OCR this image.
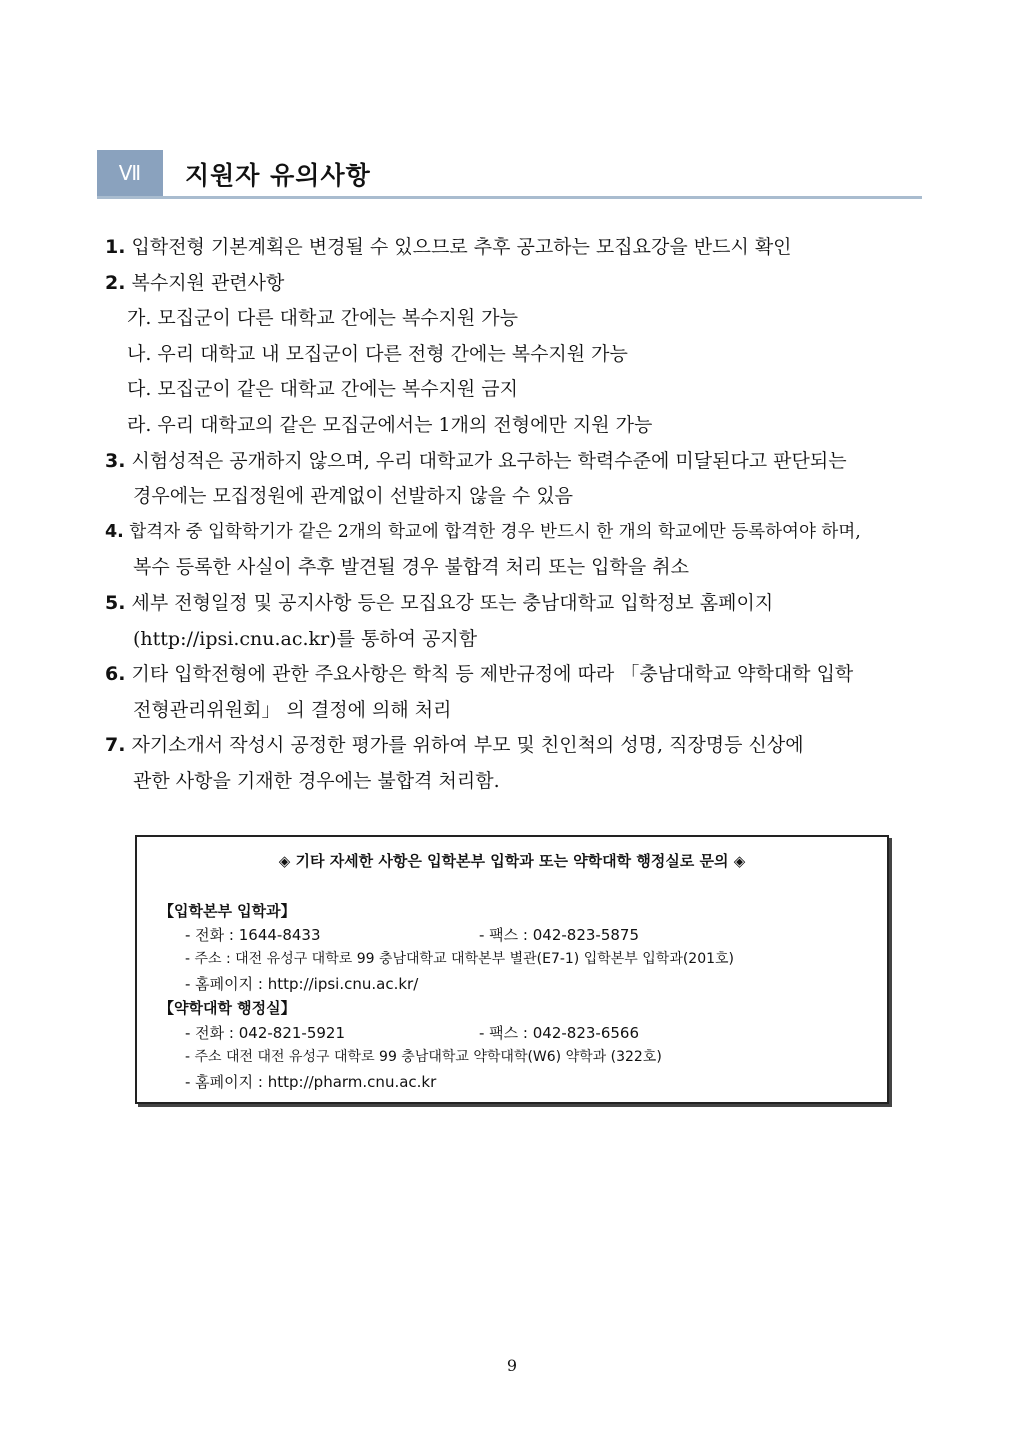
Ⅶ	지원자 유의사항
1. 입학전형 기본계획은 변경될 수 있으므로 추후 공고하는 모집요강을 반드시 확인
2. 복수지원 관련사항
가. 모집군이 다른 대학교 간에는 복수지원 가능
나. 우리 대학교 내 모집군이 다른 전형 간에는 복수지원 가능
다. 모집군이 같은 대학교 간에는 복수지원 금지
라. 우리 대학교의 같은 모집군에서는 1개의 전형에만 지원 가능
3. 시험성적은 공개하지 않으며, 우리 대학교가 요구하는 학력수준에 미달된다고 판단되는
경우에는 모집정원에 관계없이 선발하지 않을 수 있음
4. 합격자 중 입학학기가 같은 2개의 학교에 합격한 경우 반드시 한 개의 학교에만 등록하여야 하며,
복수 등록한 사실이 추후 발견될 경우 불합격 처리 또는 입학을 취소
5. 세부 전형일정 및 공지사항 등은 모집요강 또는 충남대학교 입학정보 홈페이지
(http://ipsi.cnu.ac.kr)를 통하여 공지함
6. 기타 입학전형에 관한 주요사항은 학칙 등 제반규정에 따라 「충남대학교 약학대학 입학
전형관리위원회」 의 결정에 의해 처리
7. 자기소개서 작성시 공정한 평가를 위하여 부모 및 친인척의 성명, 직장명등 신상에
관한 사항을 기재한 경우에는 불합격 처리함.
◈ 기타 자세한 사항은 입학본부 입학과 또는 약학대학 행정실로 문의 ◈
【입학본부 입학과】
- 전화 : 1644-8433	- 팩스 : 042-823-5875
- 주소 : 대전 유성구 대학로 99 충남대학교 대학본부 별관(E7-1) 입학본부 입학과(201호)
- 홈페이지 : http://ipsi.cnu.ac.kr/
【약학대학 행정실】
- 전화 : 042-821-5921	- 팩스 : 042-823-6566
- 주소 대전 대전 유성구 대학로 99 충남대학교 약학대학(W6) 약학과 (322호)
- 홈페이지 : http://pharm.cnu.ac.kr
9
